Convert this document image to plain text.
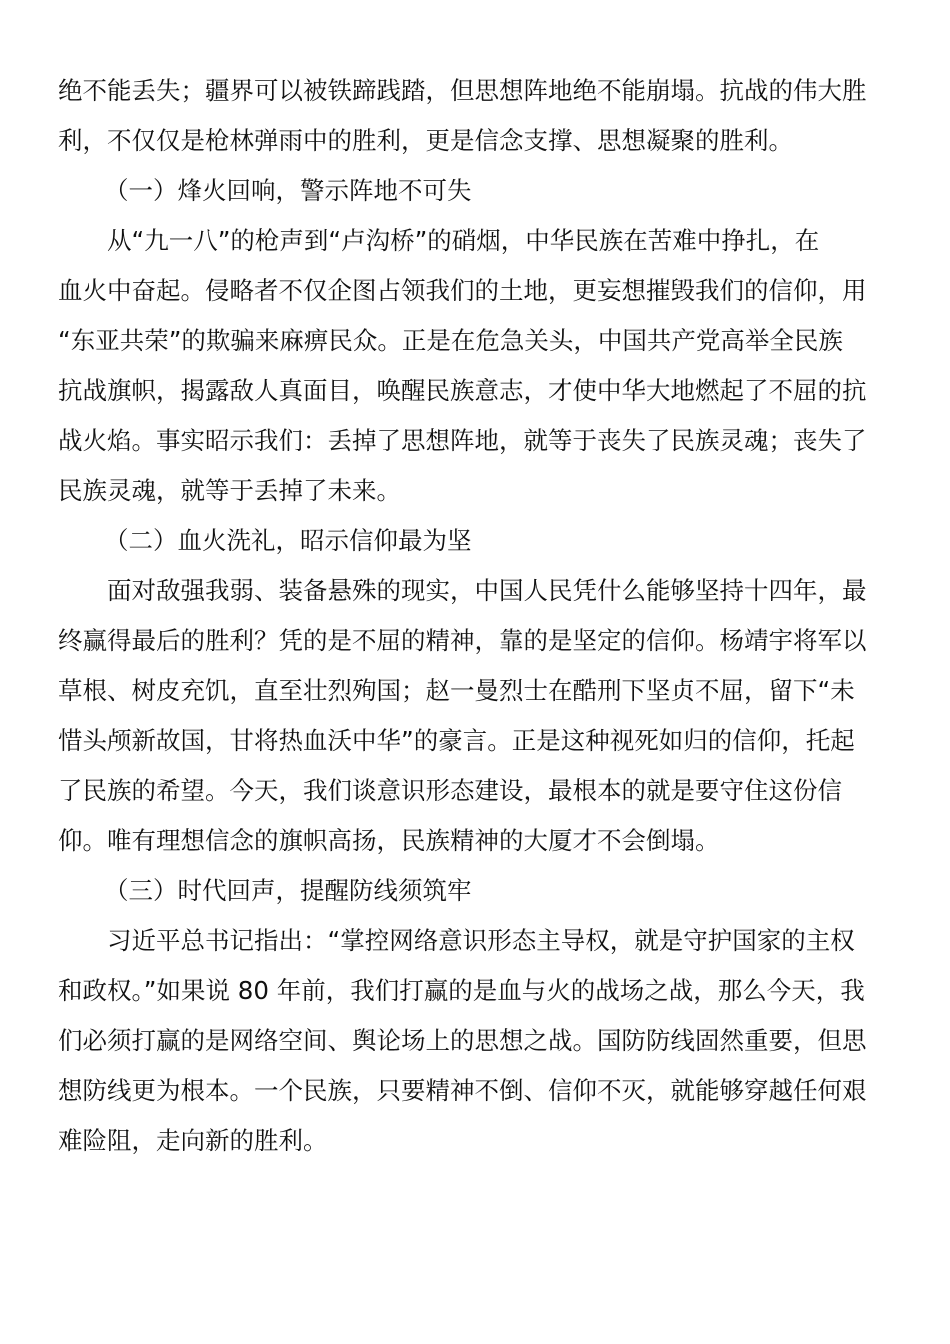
绝不能丢失；疆界可以被铁蹄践踏，但思想阵地绝不能崩塌。抗战的伟大胜
利，不仅仅是枪林弹雨中的胜利，更是信念支撑、思想凝聚的胜利。
（一）烽火回响，警示阵地不可失
　　从“九一八”的枪声到“卢沟桥”的硝烟，中华民族在苦难中挣扎，在
血火中奋起。侵略者不仅企图占领我们的土地，更妄想摧毁我们的信仰，用
“东亚共荣”的欺骗来麻痹民众。正是在危急关头，中国共产党高举全民族
抗战旗帜，揭露敌人真面目，唤醒民族意志，才使中华大地燃起了不屈的抗
战火焰。事实昭示我们：丢掉了思想阵地，就等于丧失了民族灵魂；丧失了
民族灵魂，就等于丢掉了未来。
（二）血火洗礼，昭示信仰最为坚
　　面对敌强我弱、装备悬殊的现实，中国人民凭什么能够坚持十四年，最
终赢得最后的胜利？凭的是不屈的精神，靠的是坚定的信仰。杨靖宇将军以
草根、树皮充饥，直至壮烈殉国；赵一曼烈士在酷刑下坚贞不屈，留下“未
惜头颅新故国，甘将热血沃中华”的豪言。正是这种视死如归的信仰，托起
了民族的希望。今天，我们谈意识形态建设，最根本的就是要守住这份信
仰。唯有理想信念的旗帜高扬，民族精神的大厦才不会倒塌。
（三）时代回声，提醒防线须筑牢
　　习近平总书记指出：“掌控网络意识形态主导权，就是守护国家的主权
和政权。”如果说 80 年前，我们打赢的是血与火的战场之战，那么今天，我
们必须打赢的是网络空间、舆论场上的思想之战。国防防线固然重要，但思
想防线更为根本。一个民族，只要精神不倒、信仰不灭，就能够穿越任何艰
难险阻，走向新的胜利。
